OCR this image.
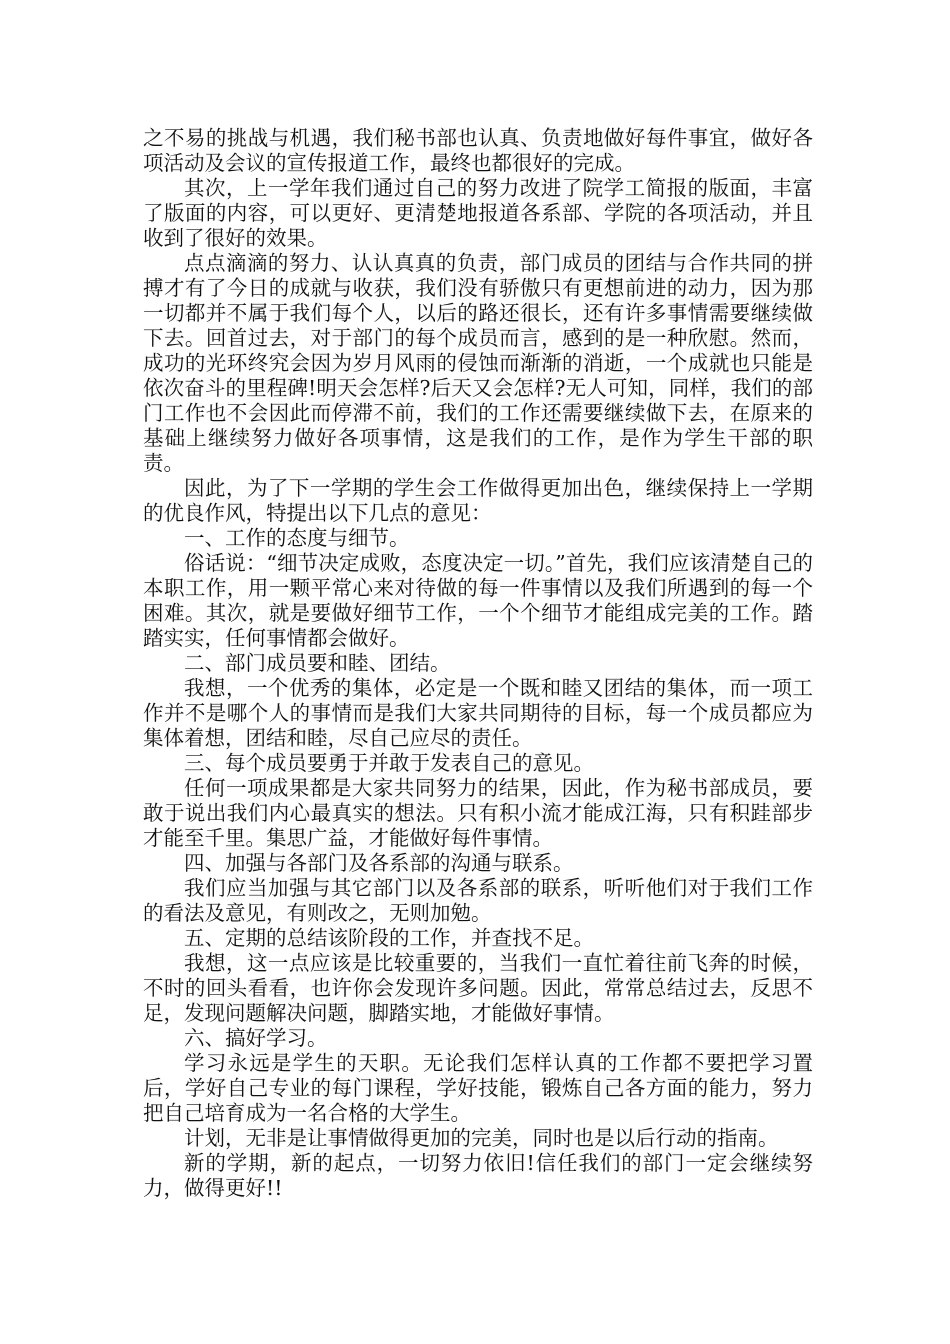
之不易的挑战与机遇，我们秘书部也认真、负责地做好每件事宜，做好各项活动及会议的宣传报道工作，最终也都很好的完成。

其次，上一学年我们通过自己的努力改进了院学工简报的版面，丰富了版面的内容，可以更好、更清楚地报道各系部、学院的各项活动，并且收到了很好的效果。

点点滴滴的努力、认认真真的负责，部门成员的团结与合作共同的拼搏才有了今日的成就与收获，我们没有骄傲只有更想前进的动力，因为那一切都并不属于我们每个人，以后的路还很长，还有许多事情需要继续做下去。回首过去，对于部门的每个成员而言，感到的是一种欣慰。然而，成功的光环终究会因为岁月风雨的侵蚀而渐渐的消逝，一个成就也只能是依次奋斗的里程碑!明天会怎样?后天又会怎样?无人可知，同样，我们的部门工作也不会因此而停滞不前，我们的工作还需要继续做下去，在原来的基础上继续努力做好各项事情，这是我们的工作，是作为学生干部的职责。

因此，为了下一学期的学生会工作做得更加出色，继续保持上一学期的优良作风，特提出以下几点的意见：

一、工作的态度与细节。

俗话说：“细节决定成败，态度决定一切。”首先，我们应该清楚自己的本职工作，用一颗平常心来对待做的每一件事情以及我们所遇到的每一个困难。其次，就是要做好细节工作，一个个细节才能组成完美的工作。踏踏实实，任何事情都会做好。

二、部门成员要和睦、团结。

我想，一个优秀的集体，必定是一个既和睦又团结的集体，而一项工作并不是哪个人的事情而是我们大家共同期待的目标，每一个成员都应为集体着想，团结和睦，尽自己应尽的责任。

三、每个成员要勇于并敢于发表自己的意见。

任何一项成果都是大家共同努力的结果，因此，作为秘书部成员，要敢于说出我们内心最真实的想法。只有积小流才能成江海，只有积跬部步才能至千里。集思广益，才能做好每件事情。

四、加强与各部门及各系部的沟通与联系。

我们应当加强与其它部门以及各系部的联系，听听他们对于我们工作的看法及意见，有则改之，无则加勉。

五、定期的总结该阶段的工作，并查找不足。

我想，这一点应该是比较重要的，当我们一直忙着往前飞奔的时候，不时的回头看看，也许你会发现许多问题。因此，常常总结过去，反思不足，发现问题解决问题，脚踏实地，才能做好事情。

六、搞好学习。

学习永远是学生的天职。无论我们怎样认真的工作都不要把学习置后，学好自己专业的每门课程，学好技能，锻炼自己各方面的能力，努力把自己培育成为一名合格的大学生。

计划，无非是让事情做得更加的完美，同时也是以后行动的指南。

新的学期，新的起点，一切努力依旧!信任我们的部门一定会继续努力，做得更好!!
